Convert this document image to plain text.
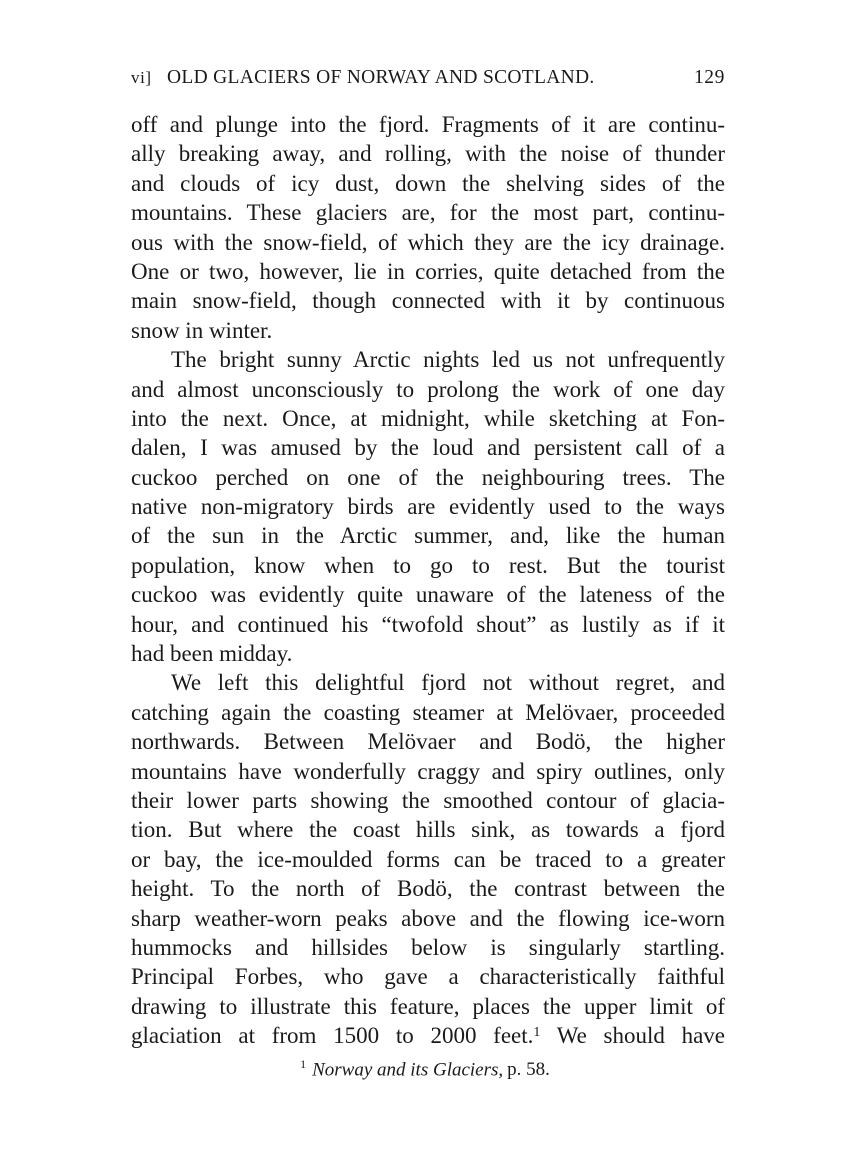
vi] OLD GLACIERS OF NORWAY AND SCOTLAND.	129
off and plunge into the fjord. Fragments of it are continu-
ally breaking away, and rolling, with the noise of thunder
and clouds of icy dust, down the shelving sides of the
mountains. These glaciers are, for the most part, continu-
ous with the snow-field, of which they are the icy drainage.
One or two, however, lie in corries, quite detached from the
main snow-field, though connected with it by continuous
snow in winter.
The bright sunny Arctic nights led us not unfrequently
and almost unconsciously to prolong the work of one day
into the next. Once, at midnight, while sketching at Fon-
dalen, I was amused by the loud and persistent call of a
cuckoo perched on one of the neighbouring trees. The
native non-migratory birds are evidently used to the ways
of the sun in the Arctic summer, and, like the human
population, know when to go to rest. But the tourist
cuckoo was evidently quite unaware of the lateness of the
hour, and continued his “twofold shout” as lustily as if it
had been midday.
We left this delightful fjord not without regret, and
catching again the coasting steamer at Melövaer, proceeded
northwards. Between Melövaer and Bodö, the higher
mountains have wonderfully craggy and spiry outlines, only
their lower parts showing the smoothed contour of glacia-
tion. But where the coast hills sink, as towards a fjord
or bay, the ice-moulded forms can be traced to a greater
height. To the north of Bodö, the contrast between the
sharp weather-worn peaks above and the flowing ice-worn
hummocks and hillsides below is singularly startling.
Principal Forbes, who gave a characteristically faithful
drawing to illustrate this feature, places the upper limit of
glaciation at from 1500 to 2000 feet.$^1$ We should have
$^1$ Norway and its Glaciers, p. 58.
